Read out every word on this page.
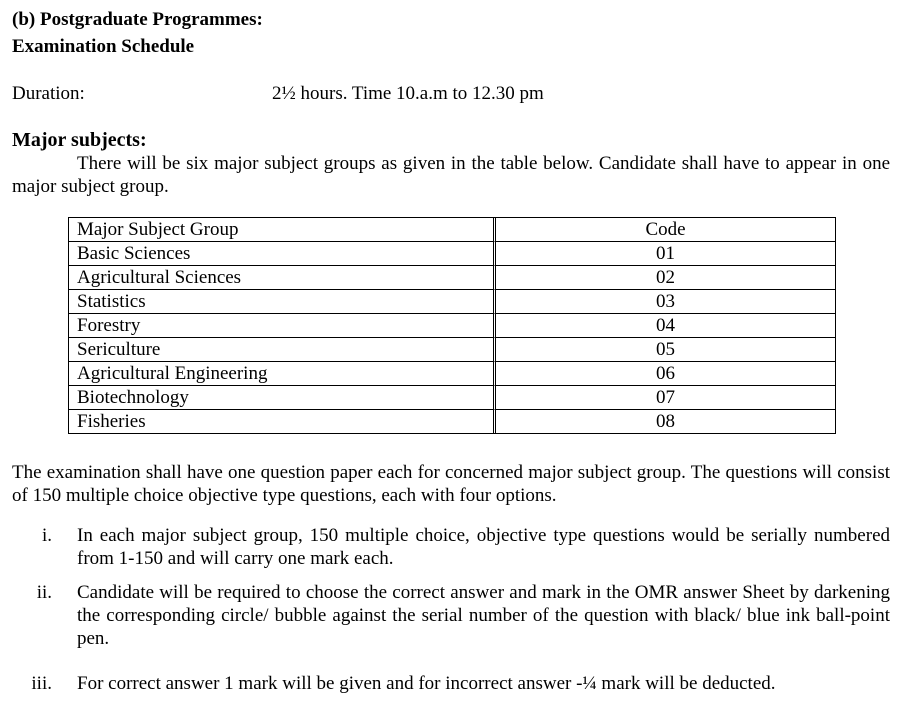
(b) Postgraduate Programmes:
Examination Schedule
Duration:	2½ hours. Time 10.a.m to 12.30 pm
Major subjects:
There will be six major subject groups as given in the table below. Candidate shall have to appear in one major subject group.
Major Subject Group	Code
Basic Sciences	01
Agricultural Sciences	02
Statistics	03
Forestry	04
Sericulture	05
Agricultural Engineering	06
Biotechnology	07
Fisheries	08
The examination shall have one question paper each for concerned major subject group. The questions will consist of 150 multiple choice objective type questions, each with four options.
i. In each major subject group, 150 multiple choice, objective type questions would be serially numbered from 1-150 and will carry one mark each.
ii. Candidate will be required to choose the correct answer and mark in the OMR answer Sheet by darkening the corresponding circle/ bubble against the serial number of the question with black/ blue ink ball-point pen.
iii. For correct answer 1 mark will be given and for incorrect answer -¼ mark will be deducted.
